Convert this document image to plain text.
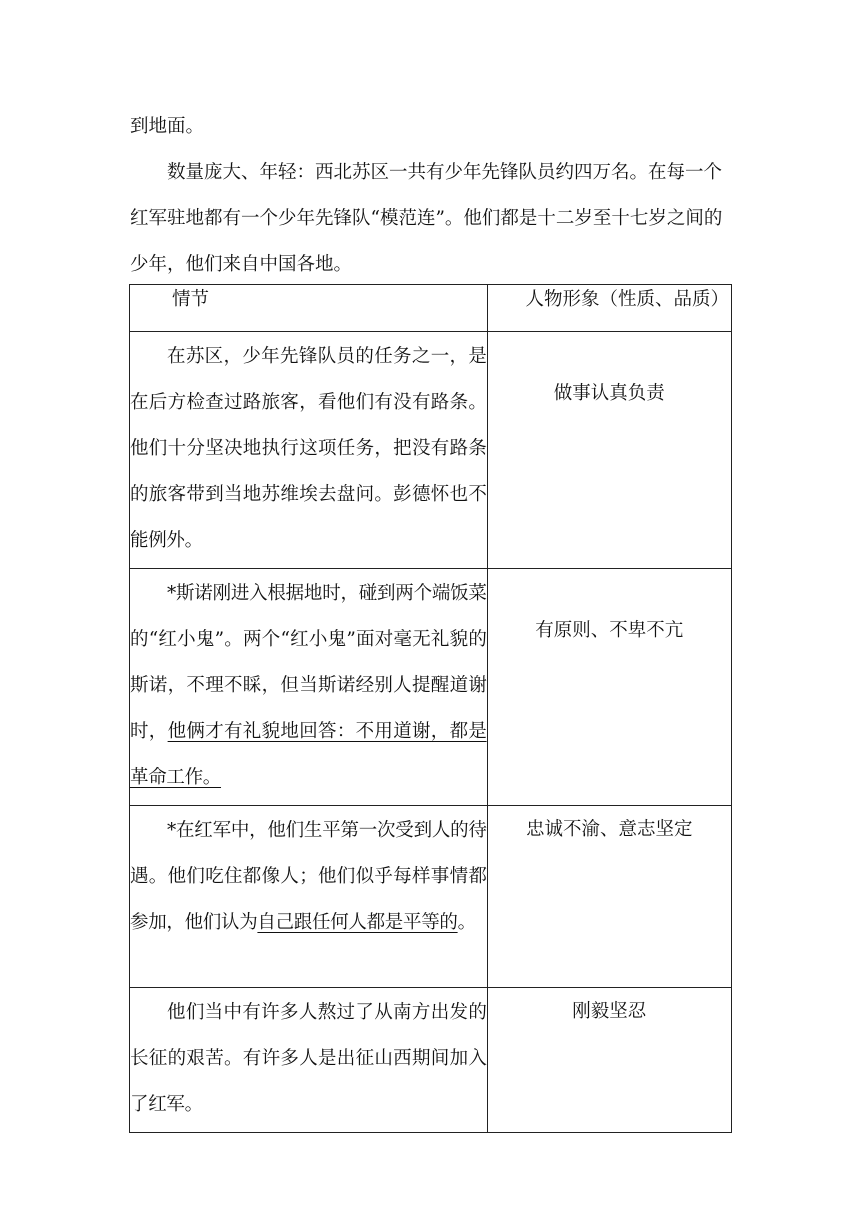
到地面。

数量庞大、年轻：西北苏区一共有少年先锋队员约四万名。在每一个红军驻地都有一个少年先锋队“模范连”。他们都是十二岁至十七岁之间的少年，他们来自中国各地。

情节	人物形象（性质、品质）

在苏区，少年先锋队员的任务之一，是在后方检查过路旅客，看他们有没有路条。他们十分坚决地执行这项任务，把没有路条的旅客带到当地苏维埃去盘问。彭德怀也不能例外。	做事认真负责

*斯诺刚进入根据地时，碰到两个端饭菜的“红小鬼”。两个“红小鬼”面对毫无礼貌的斯诺，不理不睬，但当斯诺经别人提醒道谢时，他俩才有礼貌地回答：不用道谢，都是革命工作。	有原则、不卑不亢

*在红军中，他们生平第一次受到人的待遇。他们吃住都像人；他们似乎每样事情都参加，他们认为自己跟任何人都是平等的。	忠诚不渝、意志坚定

他们当中有许多人熬过了从南方出发的长征的艰苦。有许多人是出征山西期间加入了红军。	刚毅坚忍
